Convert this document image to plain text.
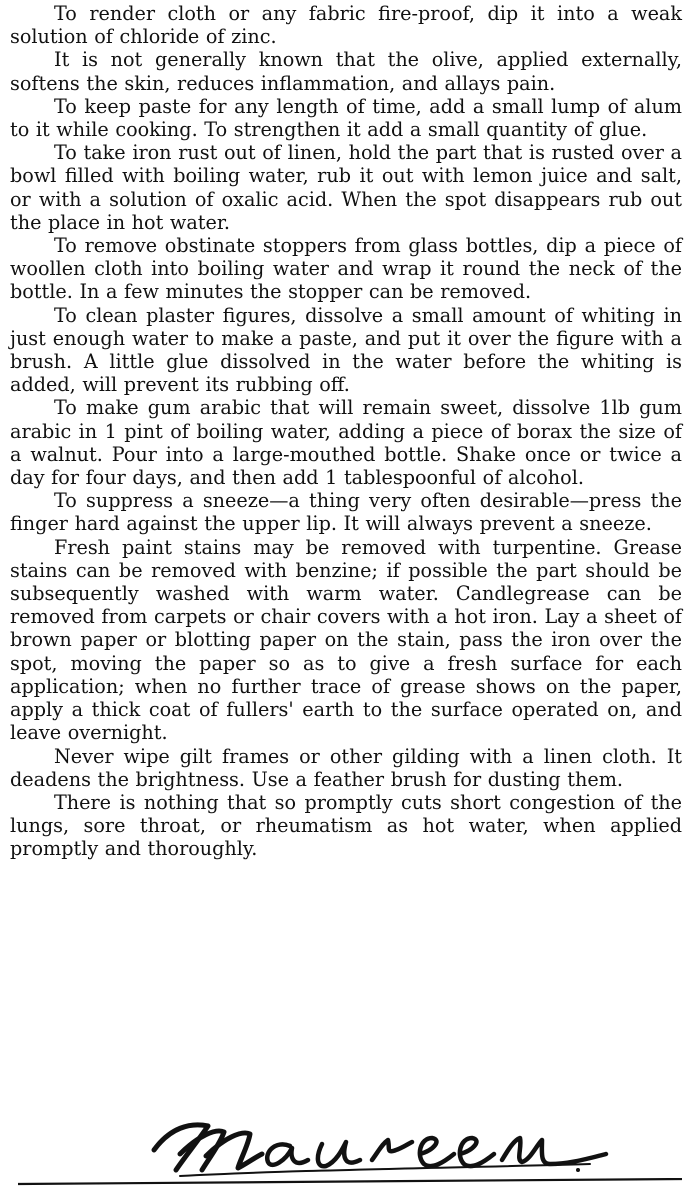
To render cloth or any fabric fire-proof, dip it into a weak solution of chloride of zinc.

It is not generally known that the olive, applied externally, softens the skin, reduces inflammation, and allays pain.

To keep paste for any length of time, add a small lump of alum to it while cooking. To strengthen it add a small quantity of glue.

To take iron rust out of linen, hold the part that is rusted over a bowl filled with boiling water, rub it out with lemon juice and salt, or with a solution of oxalic acid. When the spot disappears rub out the place in hot water.

To remove obstinate stoppers from glass bottles, dip a piece of woollen cloth into boiling water and wrap it round the neck of the bottle. In a few minutes the stopper can be removed.

To clean plaster figures, dissolve a small amount of whiting in just enough water to make a paste, and put it over the figure with a brush. A little glue dissolved in the water before the whiting is added, will prevent its rubbing off.

To make gum arabic that will remain sweet, dissolve 1lb gum arabic in 1 pint of boiling water, adding a piece of borax the size of a walnut. Pour into a large-mouthed bottle. Shake once or twice a day for four days, and then add 1 tablespoonful of alcohol.

To suppress a sneeze—a thing very often desirable—press the finger hard against the upper lip. It will always prevent a sneeze.

Fresh paint stains may be removed with turpentine. Grease stains can be removed with benzine; if possible the part should be subsequently washed with warm water. Candlegrease can be removed from carpets or chair covers with a hot iron. Lay a sheet of brown paper or blotting paper on the stain, pass the iron over the spot, moving the paper so as to give a fresh surface for each application; when no further trace of grease shows on the paper, apply a thick coat of fullers' earth to the surface operated on, and leave overnight.

Never wipe gilt frames or other gilding with a linen cloth. It deadens the brightness. Use a feather brush for dusting them.

There is nothing that so promptly cuts short congestion of the lungs, sore throat, or rheumatism as hot water, when applied promptly and thoroughly.
